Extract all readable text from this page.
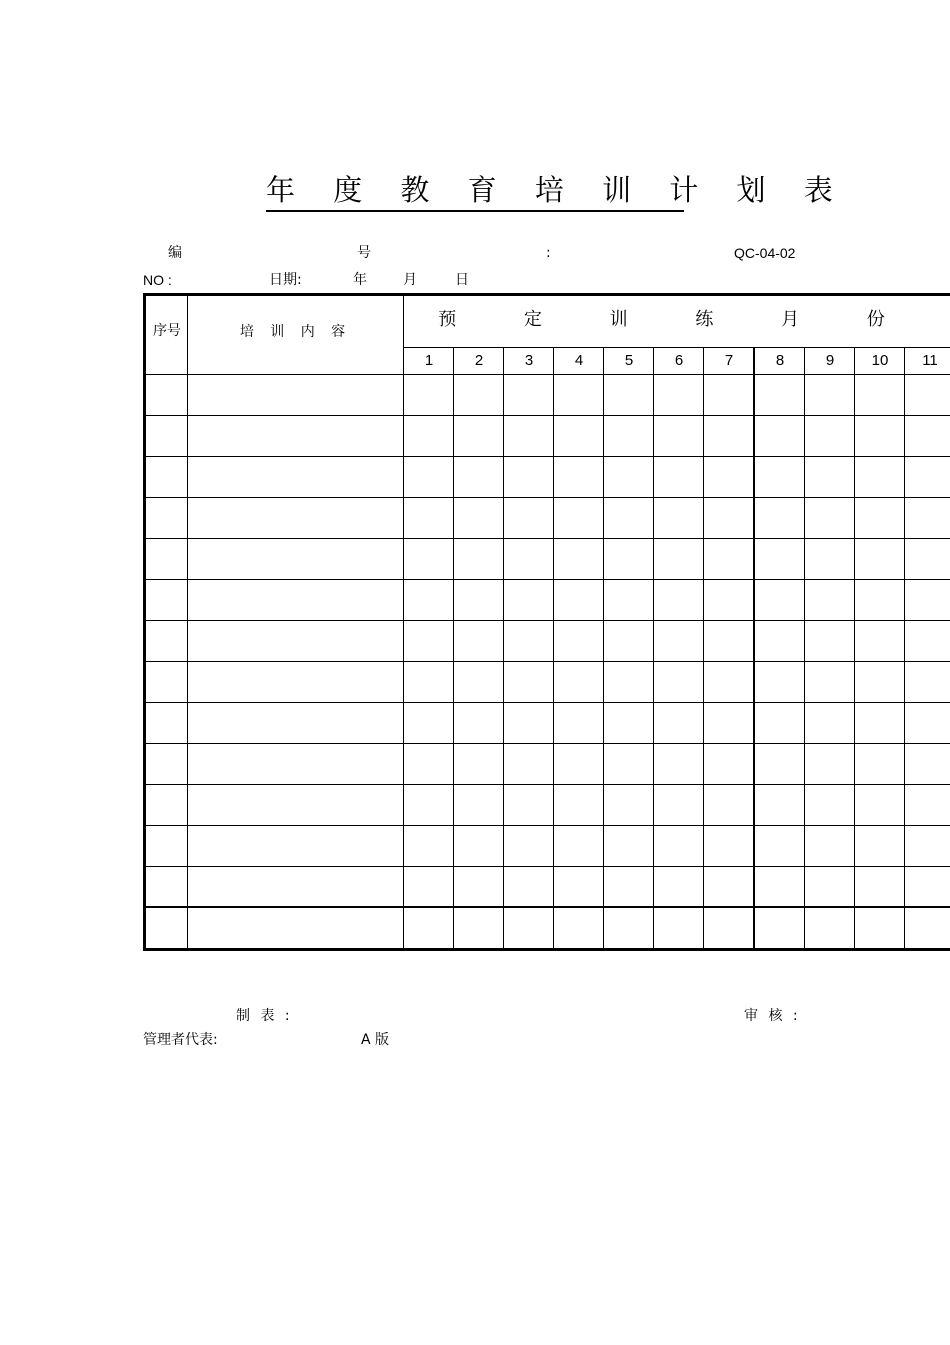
年 度 教 育 培 训 计 划 表
编	号	:	QC-04-02
NO :	日期:	年	月	日
序号	培 训 内 容
预 定 训 练 月 份
1	2	3	4	5	6	7	8	9	10	11
制 表 :	审 核 :
管理者代表:	A 版
